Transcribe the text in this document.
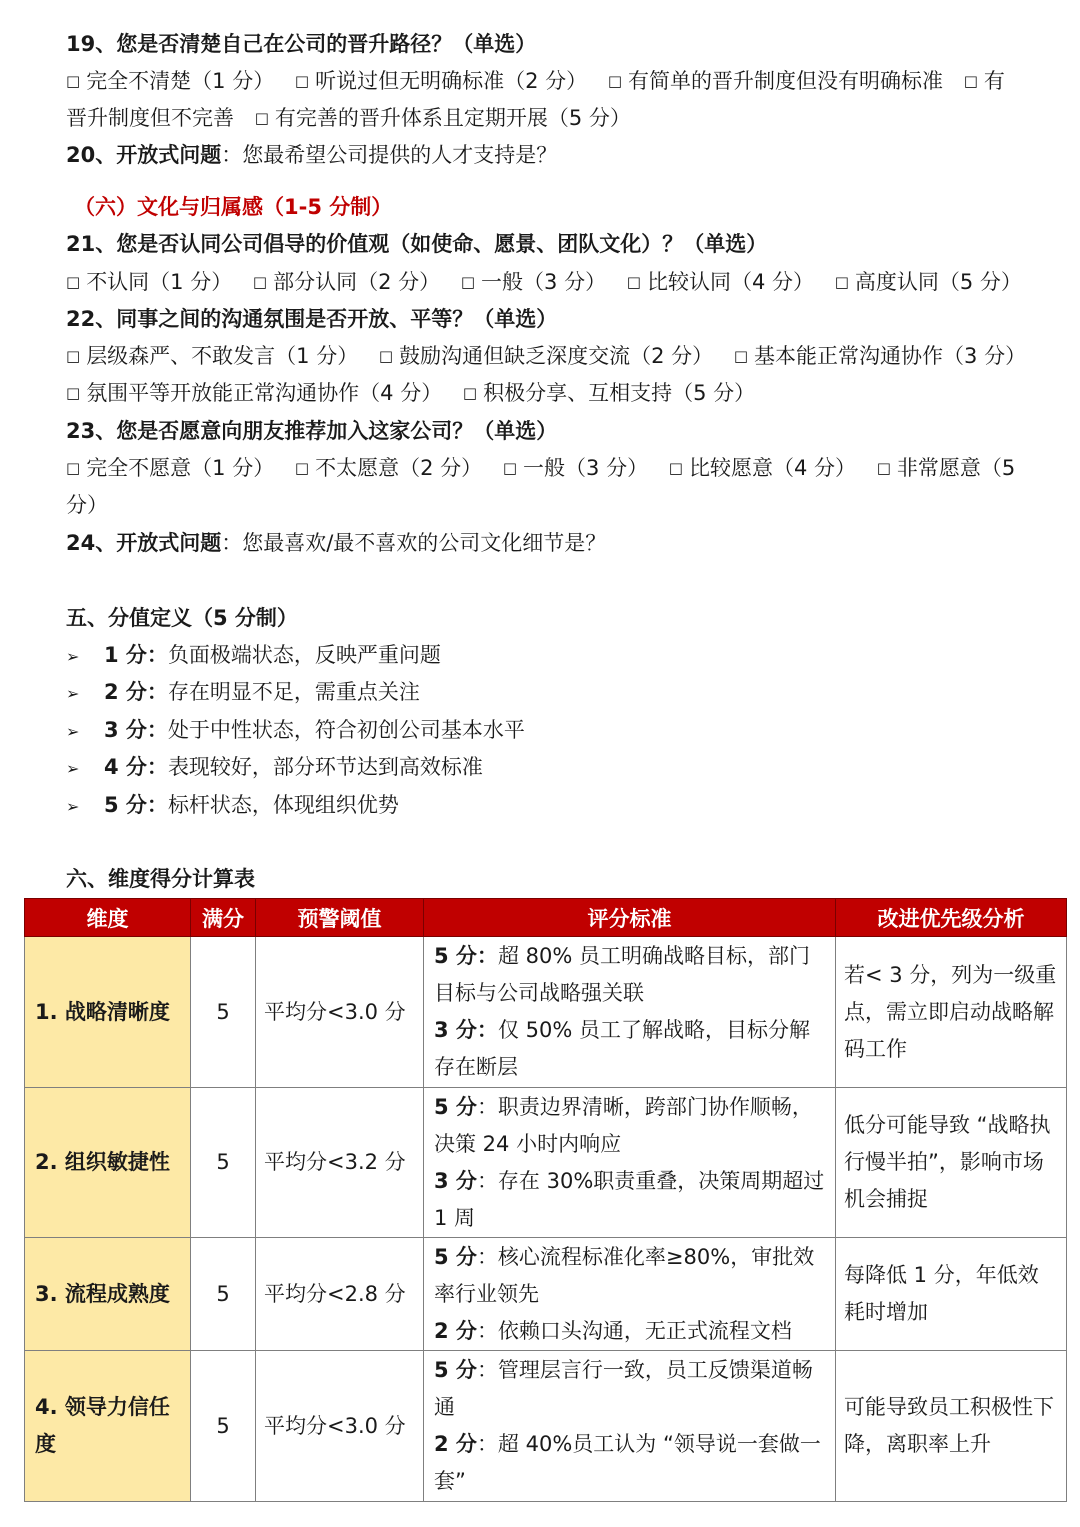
19、您是否清楚自己在公司的晋升路径？（单选）
□ 完全不清楚（1 分） □ 听说过但无明确标准（2 分） □ 有简单的晋升制度但没有明确标准 □ 有
晋升制度但不完善 □ 有完善的晋升体系且定期开展（5 分）
20、开放式问题：您最希望公司提供的人才支持是？
（六）文化与归属感（1-5 分制）
21、您是否认同公司倡导的价值观（如使命、愿景、团队文化）？（单选）
□ 不认同（1 分） □ 部分认同（2 分） □ 一般（3 分） □ 比较认同（4 分） □ 高度认同（5 分）
22、同事之间的沟通氛围是否开放、平等？（单选）
□ 层级森严、不敢发言（1 分） □ 鼓励沟通但缺乏深度交流（2 分） □ 基本能正常沟通协作（3 分）
□ 氛围平等开放能正常沟通协作（4 分） □ 积极分享、互相支持（5 分）
23、您是否愿意向朋友推荐加入这家公司？（单选）
□ 完全不愿意（1 分） □ 不太愿意（2 分） □ 一般（3 分） □ 比较愿意（4 分） □ 非常愿意（5
分）
24、开放式问题：您最喜欢/最不喜欢的公司文化细节是？
五、分值定义（5 分制）
➢ 1 分：负面极端状态，反映严重问题
➢ 2 分：存在明显不足，需重点关注
➢ 3 分：处于中性状态，符合初创公司基本水平
➢ 4 分：表现较好，部分环节达到高效标准
➢ 5 分：标杆状态，体现组织优势
六、维度得分计算表
维度	满分	预警阈值	评分标准	改进优先级分析
1. 战略清晰度	5	平均分<3.0 分	5 分：超 80% 员工明确战略目标，部门目标与公司战略强关联
3 分：仅 50% 员工了解战略，目标分解存在断层	若< 3 分，列为一级重点，需立即启动战略解码工作
2. 组织敏捷性	5	平均分<3.2 分	5 分：职责边界清晰，跨部门协作顺畅，决策 24 小时内响应
3 分：存在 30%职责重叠，决策周期超过 1 周	低分可能导致 “战略执行慢半拍”，影响市场机会捕捉
3. 流程成熟度	5	平均分<2.8 分	5 分：核心流程标准化率≥80%，审批效率行业领先
2 分：依赖口头沟通，无正式流程文档	每降低 1 分，年低效耗时增加
4. 领导力信任度	5	平均分<3.0 分	5 分：管理层言行一致，员工反馈渠道畅通
2 分：超 40%员工认为 “领导说一套做一套”	可能导致员工积极性下降，离职率上升
